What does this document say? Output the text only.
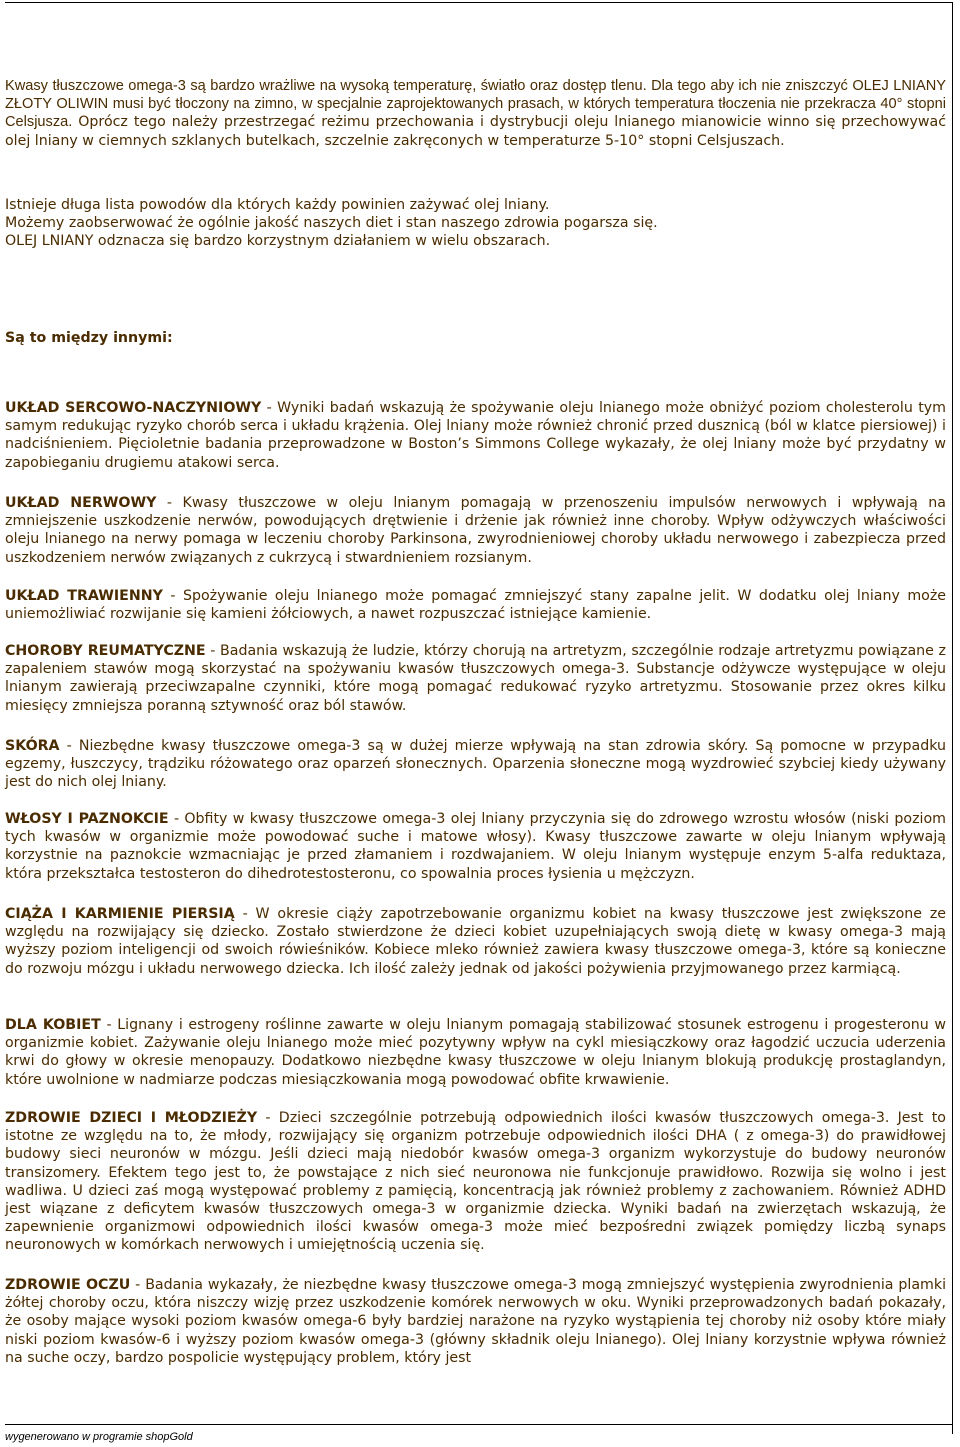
Kwasy tłuszczowe omega-3 są bardzo wrażliwe na wysoką temperaturę, światło oraz dostęp tlenu. Dla tego aby ich nie zniszczyć OLEJ LNIANY ZŁOTY OLIWIN musi być tłoczony na zimno, w specjalnie zaprojektowanych prasach, w których temperatura tłoczenia nie przekracza 40° stopni Celsjusza. Oprócz tego należy przestrzegać reżimu przechowania i dystrybucji oleju lnianego mianowicie winno się przechowywać olej lniany w ciemnych szklanych butelkach, szczelnie zakręconych w temperaturze 5-10° stopni Celsjuszach.

Istnieje długa lista powodów dla których każdy powinien zażywać olej lniany.
Możemy zaobserwować że ogólnie jakość naszych diet i stan naszego zdrowia pogarsza się.
OLEJ LNIANY odznacza się bardzo korzystnym działaniem w wielu obszarach.
Są to między innymi:

UKŁAD SERCOWO-NACZYNIOWY - Wyniki badań wskazują że spożywanie oleju lnianego może obniżyć poziom cholesterolu tym samym redukując ryzyko chorób serca i układu krążenia. Olej lniany może również chronić przed dusznicą (ból w klatce piersiowej) i nadciśnieniem. Pięcioletnie badania przeprowadzone w Boston’s Simmons College wykazały, że olej lniany może być przydatny w zapobieganiu drugiemu atakowi serca.

UKŁAD NERWOWY - Kwasy tłuszczowe w oleju lnianym pomagają w przenoszeniu impulsów nerwowych i wpływają na zmniejszenie uszkodzenie nerwów, powodujących drętwienie i drżenie jak również inne choroby. Wpływ odżywczych właściwości oleju lnianego na nerwy pomaga w leczeniu choroby Parkinsona, zwyrodnieniowej choroby układu nerwowego i zabezpiecza przed uszkodzeniem nerwów związanych z cukrzycą i stwardnieniem rozsianym.

UKŁAD TRAWIENNY - Spożywanie oleju lnianego może pomagać zmniejszyć stany zapalne jelit. W dodatku olej lniany może uniemożliwiać rozwijanie się kamieni żółciowych, a nawet rozpuszczać istniejące kamienie.

CHOROBY REUMATYCZNE - Badania wskazują że ludzie, którzy chorują na artretyzm, szczególnie rodzaje artretyzmu powiązane z zapaleniem stawów mogą skorzystać na spożywaniu kwasów tłuszczowych omega-3. Substancje odżywcze występujące w oleju lnianym zawierają przeciwzapalne czynniki, które mogą pomagać redukować ryzyko artretyzmu. Stosowanie przez okres kilku miesięcy zmniejsza poranną sztywność oraz ból stawów.

SKÓRA - Niezbędne kwasy tłuszczowe omega-3 są w dużej mierze wpływają na stan zdrowia skóry. Są pomocne w przypadku egzemy, łuszczycy, trądziku różowatego oraz oparzeń słonecznych. Oparzenia słoneczne mogą wyzdrowieć szybciej kiedy używany jest do nich olej lniany.

WŁOSY I PAZNOKCIE - Obfity w kwasy tłuszczowe omega-3 olej lniany przyczynia się do zdrowego wzrostu włosów (niski poziom tych kwasów w organizmie może powodować suche i matowe włosy). Kwasy tłuszczowe zawarte w oleju lnianym wpływają korzystnie na paznokcie wzmacniając je przed złamaniem i rozdwajaniem. W oleju lnianym występuje enzym 5-alfa reduktaza, która przekształca testosteron do dihedrotestosteronu, co spowalnia proces łysienia u mężczyzn.

CIĄŻA I KARMIENIE PIERSIĄ - W okresie ciąży zapotrzebowanie organizmu kobiet na kwasy tłuszczowe jest zwiększone ze względu na rozwijający się dziecko. Zostało stwierdzone że dzieci kobiet uzupełniających swoją dietę w kwasy omega-3 mają wyższy poziom inteligencji od swoich rówieśników. Kobiece mleko również zawiera kwasy tłuszczowe omega-3, które są konieczne do rozwoju mózgu i układu nerwowego dziecka. Ich ilość zależy jednak od jakości pożywienia przyjmowanego przez karmiącą.

DLA KOBIET - Lignany i estrogeny roślinne zawarte w oleju lnianym pomagają stabilizować stosunek estrogenu i progesteronu w organizmie kobiet. Zażywanie oleju lnianego może mieć pozytywny wpływ na cykl miesiączkowy oraz łagodzić uczucia uderzenia krwi do głowy w okresie menopauzy. Dodatkowo niezbędne kwasy tłuszczowe w oleju lnianym blokują produkcję prostaglandyn, które uwolnione w nadmiarze podczas miesiączkowania mogą powodować obfite krwawienie.

ZDROWIE DZIECI I MŁODZIEŻY - Dzieci szczególnie potrzebują odpowiednich ilości kwasów tłuszczowych omega-3. Jest to istotne ze względu na to, że młody, rozwijający się organizm potrzebuje odpowiednich ilości DHA ( z omega-3) do prawidłowej budowy sieci neuronów w mózgu. Jeśli dzieci mają niedobór kwasów omega-3 organizm wykorzystuje do budowy neuronów transizomery. Efektem tego jest to, że powstające z nich sieć neuronowa nie funkcjonuje prawidłowo. Rozwija się wolno i jest wadliwa. U dzieci zaś mogą występować problemy z pamięcią, koncentracją jak również problemy z zachowaniem. Również ADHD jest wiązane z deficytem kwasów tłuszczowych omega-3 w organizmie dziecka. Wyniki badań na zwierzętach wskazują, że zapewnienie organizmowi odpowiednich ilości kwasów omega-3 może mieć bezpośredni związek pomiędzy liczbą synaps neuronowych w komórkach nerwowych i umiejętnością uczenia się.

ZDROWIE OCZU - Badania wykazały, że niezbędne kwasy tłuszczowe omega-3 mogą zmniejszyć występienia zwyrodnienia plamki żółtej choroby oczu, która niszczy wizję przez uszkodzenie komórek nerwowych w oku. Wyniki przeprowadzonych badań pokazały, że osoby mające wysoki poziom kwasów omega-6 były bardziej narażone na ryzyko wystąpienia tej choroby niż osoby które miały niski poziom kwasów-6 i wyższy poziom kwasów omega-3 (główny składnik oleju lnianego). Olej lniany korzystnie wpływa również na suche oczy, bardzo pospolicie występujący problem, który jest

wygenerowano w programie shopGold
